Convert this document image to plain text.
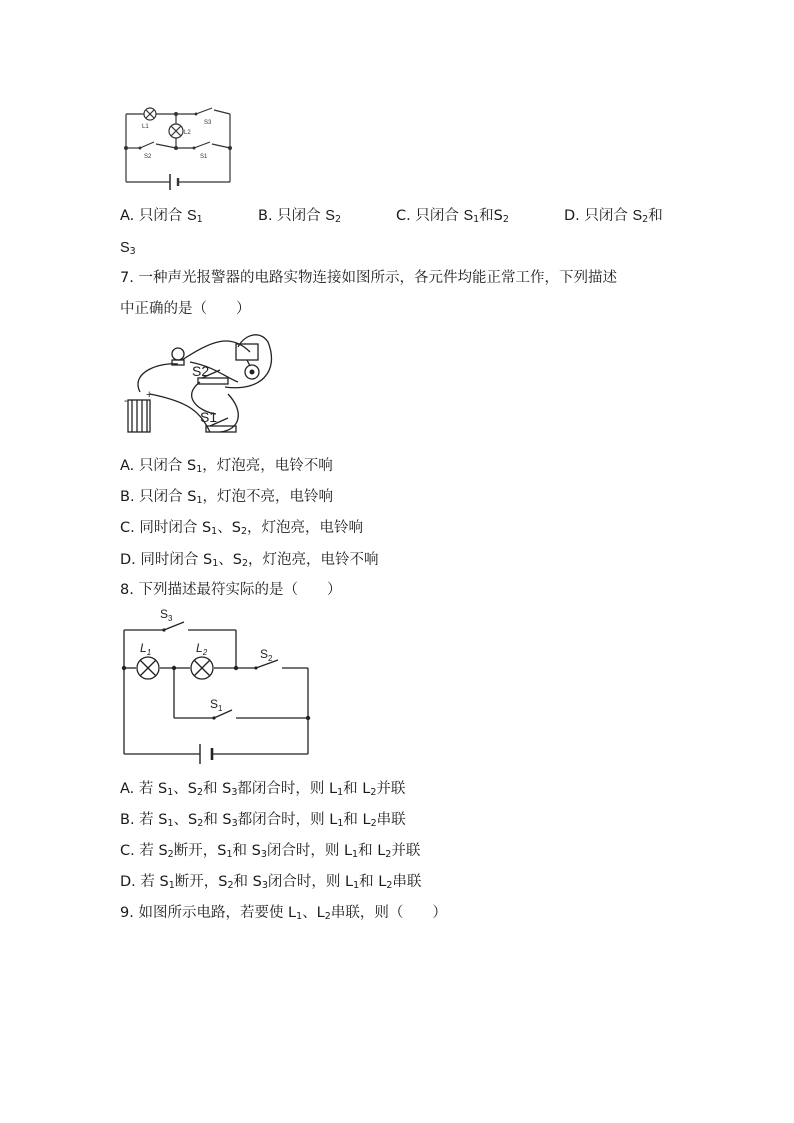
L1
L2
S3
S2	S1
A. 只闭合 $S_1$	B. 只闭合 $S_2$	C. 只闭合 $S_1$和$S_2$	D. 只闭合 $S_2$和
$S_3$
7. 一种声光报警器的电路实物连接如图所示，各元件均能正常工作，下列描述
中正确的是（　　）
S2
S1
+
-
A. 只闭合 $S_1$，灯泡亮，电铃不响
B. 只闭合 $S_1$，灯泡不亮，电铃响
C. 同时闭合 $S_1$、$S_2$，灯泡亮，电铃响
D. 同时闭合 $S_1$、$S_2$，灯泡亮，电铃不响
8. 下列描述最符实际的是（　　）
$S_3$
$L_1$	$L_2$	$S_2$
$S_1$
A. 若 $S_1$、$S_2$和 $S_3$都闭合时，则 $L_1$和 $L_2$并联
B. 若 $S_1$、$S_2$和 $S_3$都闭合时，则 $L_1$和 $L_2$串联
C. 若 $S_2$断开，$S_1$和 $S_3$闭合时，则 $L_1$和 $L_2$并联
D. 若 $S_1$断开，$S_2$和 $S_3$闭合时，则 $L_1$和 $L_2$串联
9. 如图所示电路，若要使 $L_1$、$L_2$串联，则（　　）
